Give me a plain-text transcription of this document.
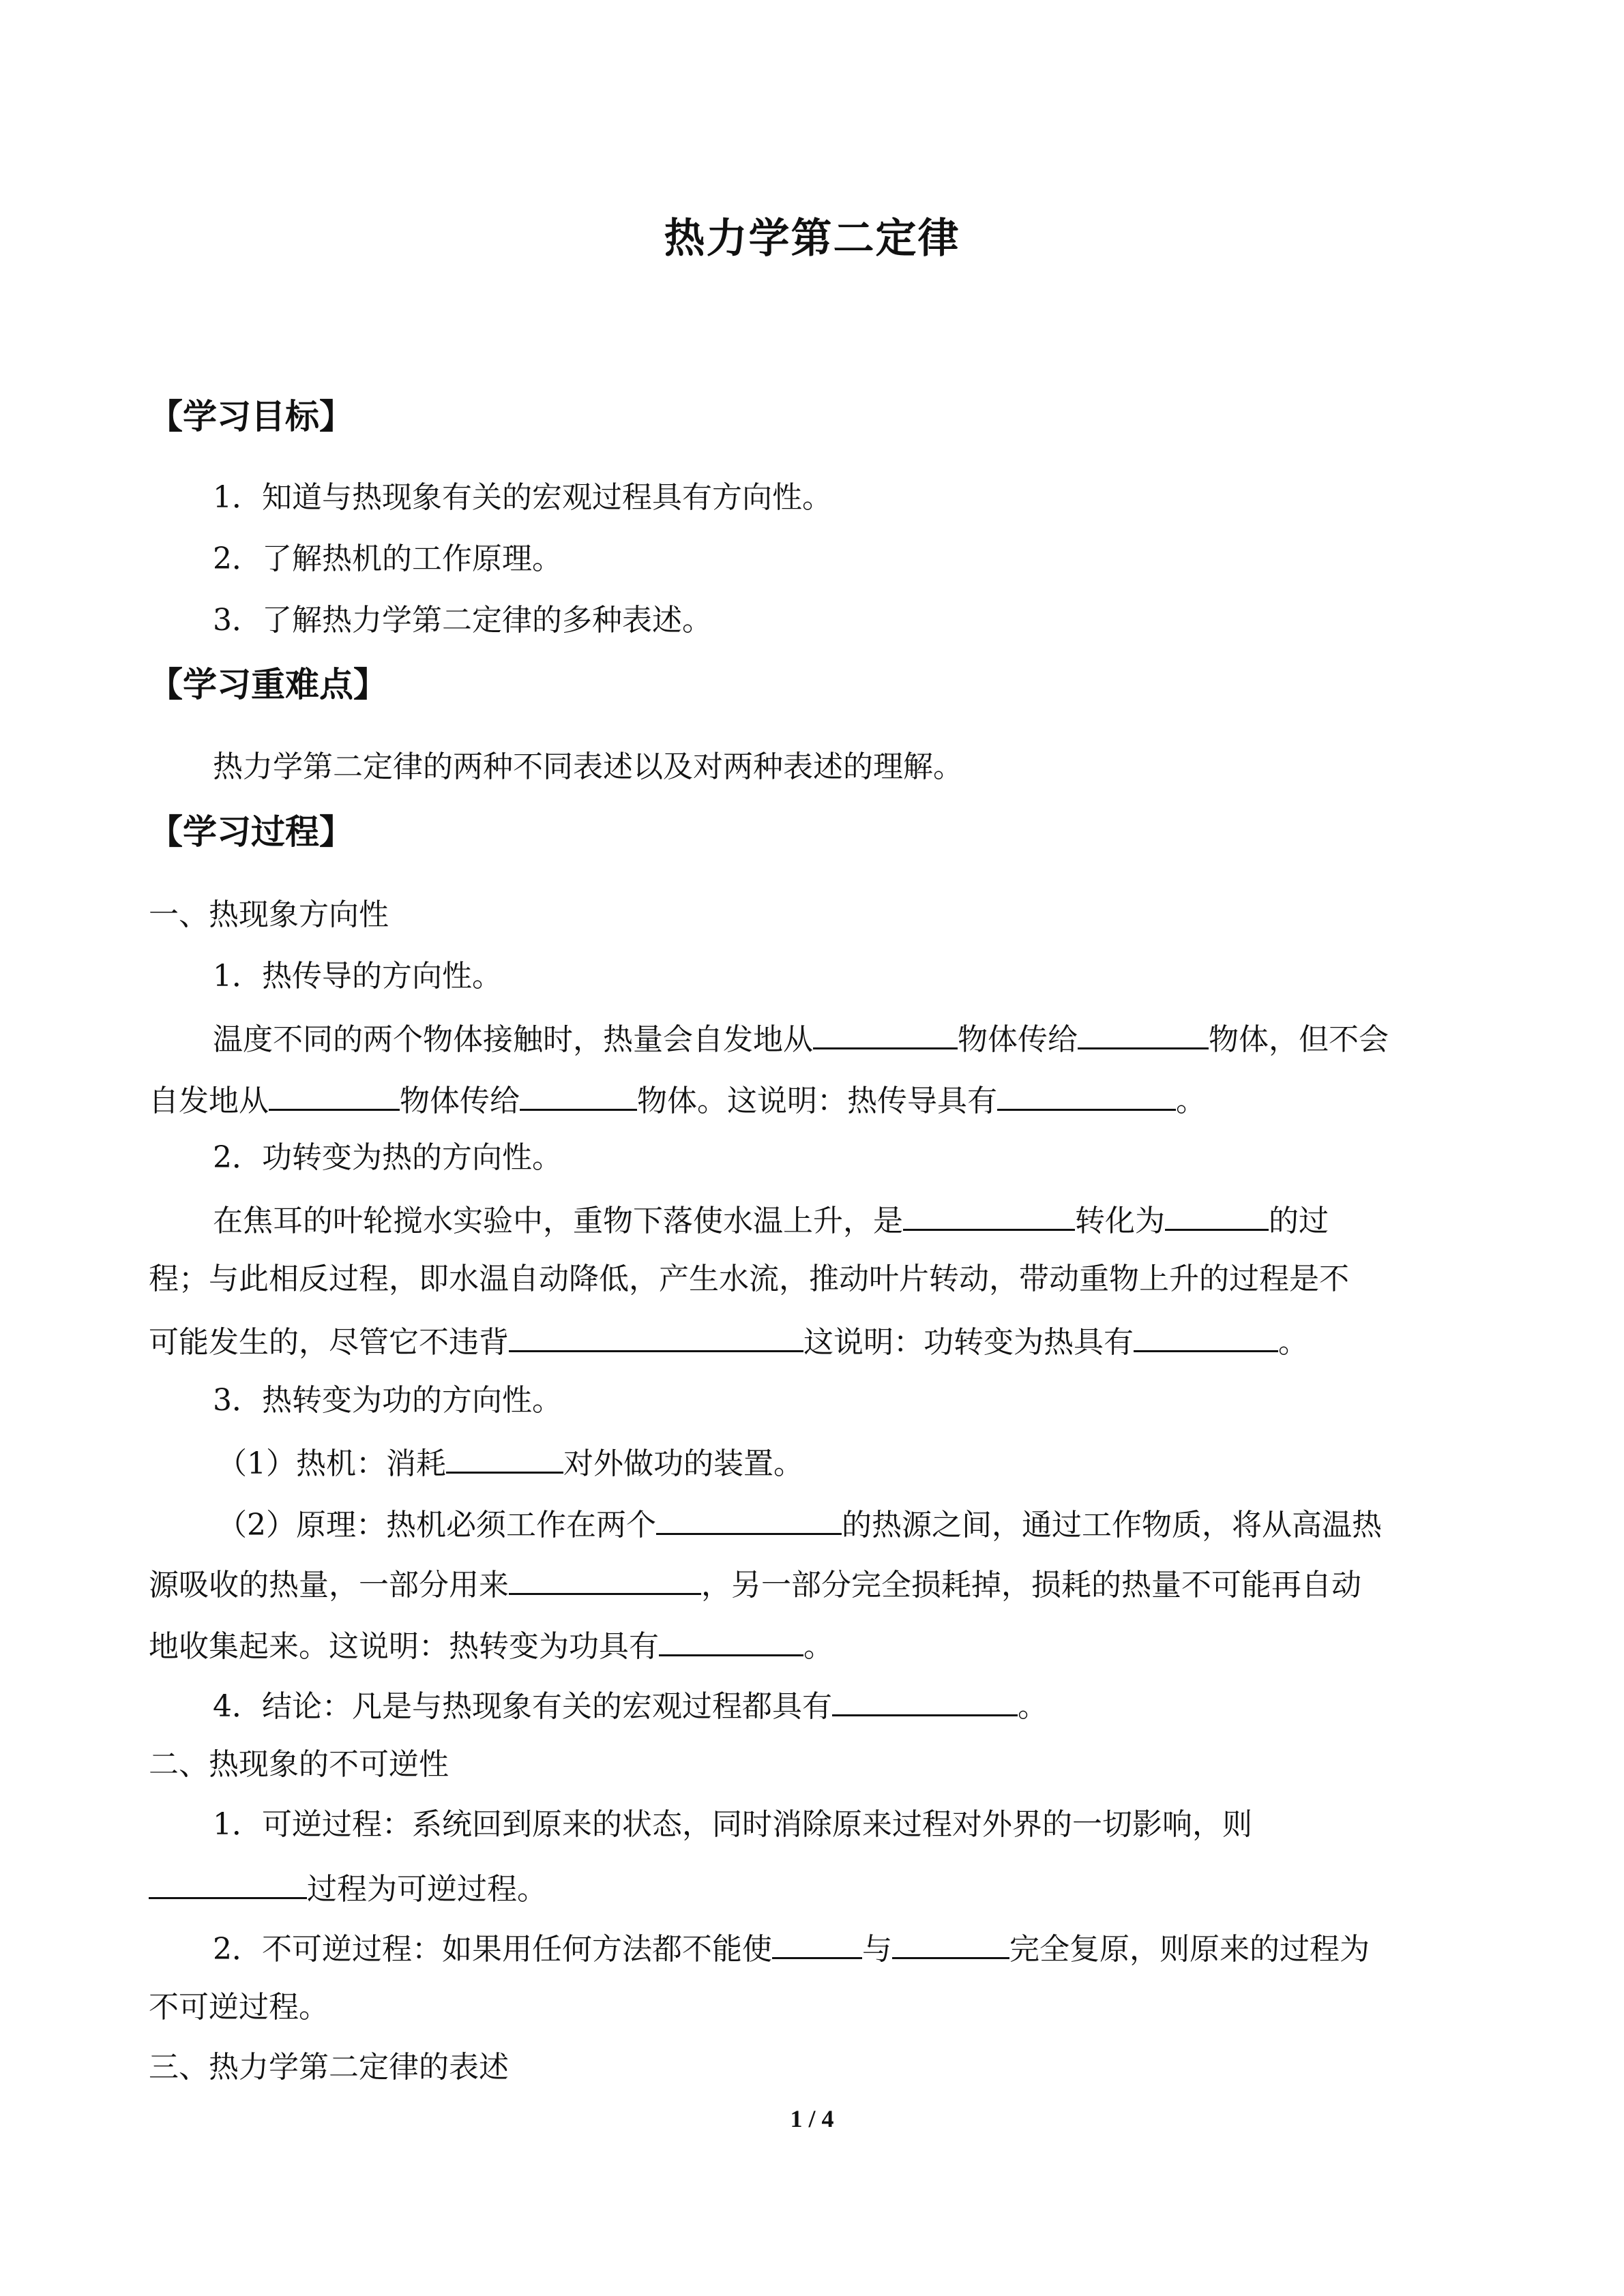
热力学第二定律
【学习目标】
1．知道与热现象有关的宏观过程具有方向性。
2．了解热机的工作原理。
3．了解热力学第二定律的多种表述。
【学习重难点】
热力学第二定律的两种不同表述以及对两种表述的理解。
【学习过程】
一、热现象方向性
1．热传导的方向性。
温度不同的两个物体接触时，热量会自发地从	物体传给	物体，但不会
自发地从	物体传给	物体。这说明：热传导具有	。
2．功转变为热的方向性。
在焦耳的叶轮搅水实验中，重物下落使水温上升，是	转化为	的过
程；与此相反过程，即水温自动降低，产生水流，推动叶片转动，带动重物上升的过程是不
可能发生的，尽管它不违背	这说明：功转变为热具有	。
3．热转变为功的方向性。
（1）热机：消耗	对外做功的装置。
（2）原理：热机必须工作在两个	的热源之间，通过工作物质，将从高温热
源吸收的热量，一部分用来	，另一部分完全损耗掉，损耗的热量不可能再自动
地收集起来。这说明：热转变为功具有	。
4．结论：凡是与热现象有关的宏观过程都具有	。
二、热现象的不可逆性
1．可逆过程：系统回到原来的状态，同时消除原来过程对外界的一切影响，则
过程为可逆过程。
2．不可逆过程：如果用任何方法都不能使	与	完全复原，则原来的过程为
不可逆过程。
三、热力学第二定律的表述
1 / 4
